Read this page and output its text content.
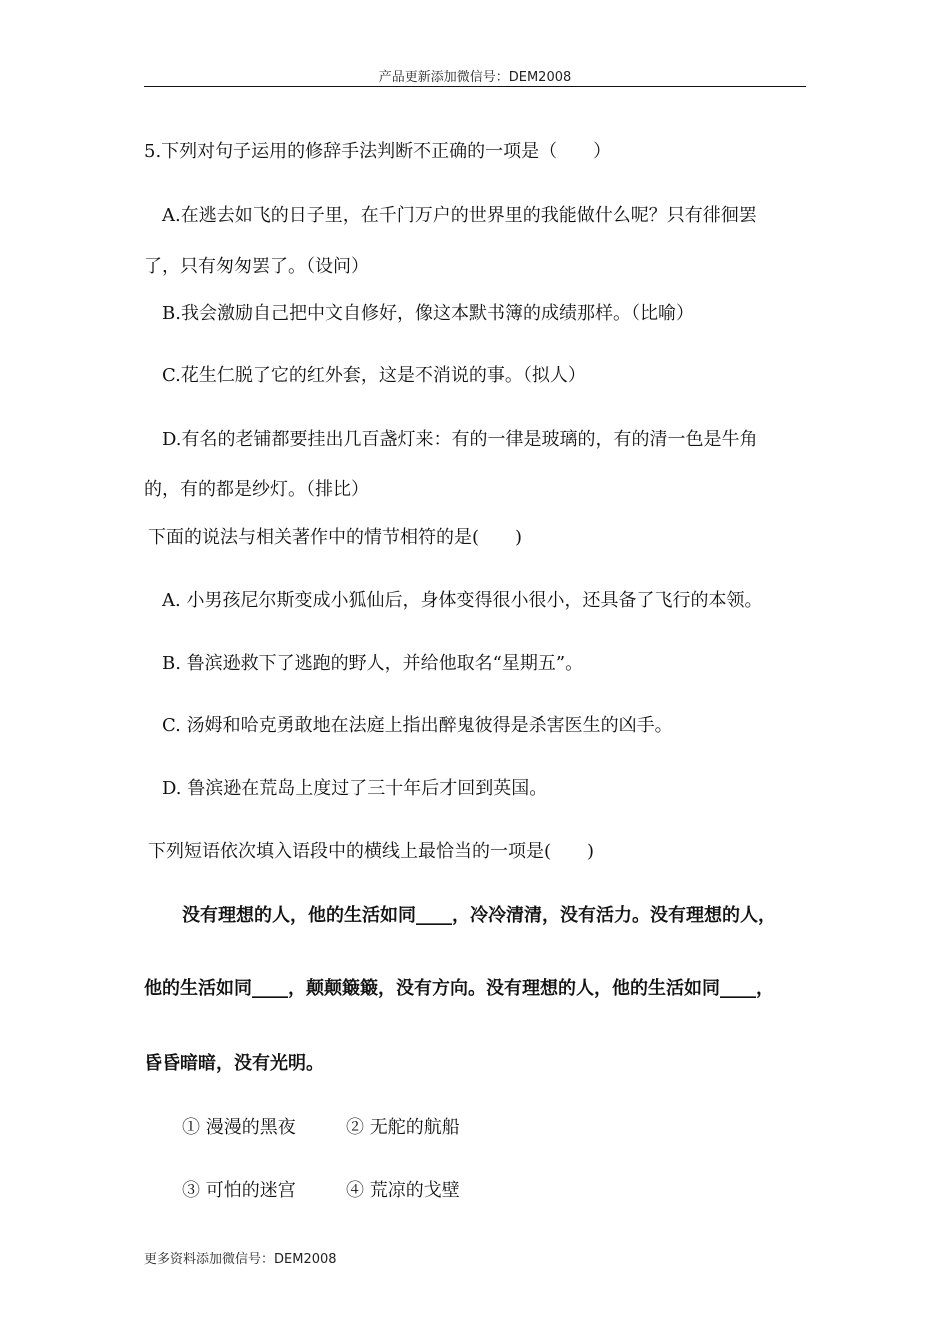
产品更新添加微信号：DEM2008
5.下列对句子运用的修辞手法判断不正确的一项是（　　）
A.在逃去如飞的日子里，在千门万户的世界里的我能做什么呢？只有徘徊罢
了，只有匆匆罢了。（设问）
B.我会激励自己把中文自修好，像这本默书簿的成绩那样。（比喻）
C.花生仁脱了它的红外套，这是不消说的事。（拟人）
D.有名的老铺都要挂出几百盏灯来：有的一律是玻璃的，有的清一色是牛角
的，有的都是纱灯。（排比）
下面的说法与相关著作中的情节相符的是(　　)
A. 小男孩尼尔斯变成小狐仙后，身体变得很小很小，还具备了飞行的本领。
B. 鲁滨逊救下了逃跑的野人，并给他取名“星期五”。
C. 汤姆和哈克勇敢地在法庭上指出醉鬼彼得是杀害医生的凶手。
D. 鲁滨逊在荒岛上度过了三十年后才回到英国。
下列短语依次填入语段中的横线上最恰当的一项是(　　)
没有理想的人，他的生活如同____，冷冷清清，没有活力。没有理想的人，
他的生活如同____，颠颠簸簸，没有方向。没有理想的人，他的生活如同____，
昏昏暗暗，没有光明。
① 漫漫的黑夜	② 无舵的航船
③ 可怕的迷宫	④ 荒凉的戈壁
更多资料添加微信号：DEM2008
